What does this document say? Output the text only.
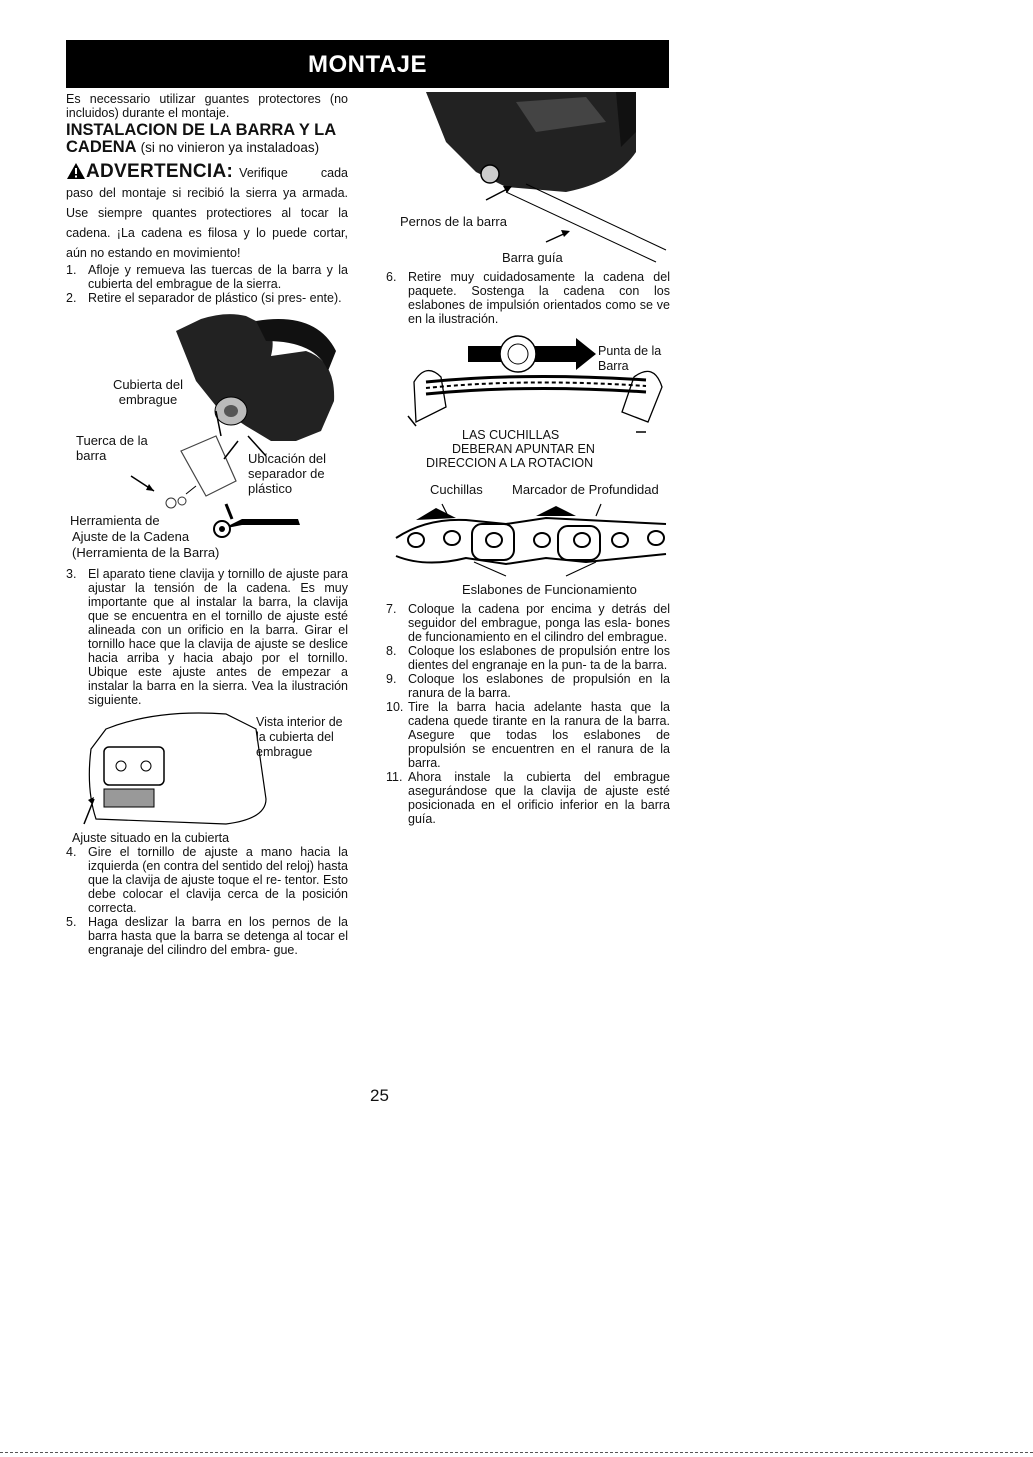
MONTAJE

Es necessario utilizar guantes protectores (no incluidos) durante el montaje.

INSTALACION DE LA BARRA Y LA CADENA (si no vinieron ya instaladoas)

ADVERTENCIA: Verifique cada paso del montaje si recibió la sierra ya armada. Use siempre quantes protectiores al tocar la cadena. ¡La cadena es filosa y lo puede cortar, aún no estando en movimiento!

1. Afloje y remueva las tuercas de la barra y la cubierta del embrague de la sierra.
2. Retire el separador de plástico (si pres- ente).
Cubierta del embrague
Tuerca de la barra	Ubicación del separador de plástico
Herramienta de
Ajuste de la Cadena
(Herramienta de la Barra)
3. El aparato tiene clavija y tornillo de ajuste para ajustar la tensión de la cadena. Es muy importante que al instalar la barra, la clavija que se encuentra en el tornillo de ajuste esté alineada con un orificio en la barra. Girar el tornillo hace que la clavija de ajuste se deslice hacia arriba y hacia abajo por el tornillo. Ubique este ajuste antes de empezar a instalar la barra en la sierra. Vea la ilustración siguiente.
Vista interior de la cubierta del embrague

Ajuste situado en la cubierta

4. Gire el tornillo de ajuste a mano hacia la izquierda (en contra del sentido del reloj) hasta que la clavija de ajuste toque el re- tentor. Esto debe colocar el clavija cerca de la posición correcta.
5. Haga deslizar la barra en los pernos de la barra hasta que la barra se detenga al tocar el engranaje del cilindro del embra- gue.
Pernos de la barra
Barra guía
6. Retire muy cuidadosamente la cadena del paquete. Sostenga la cadena con los eslabones de impulsión orientados como se ve en la ilustración.
Punta de la Barra
LAS CUCHILLAS
DEBERAN APUNTAR EN
DIRECCION A LA ROTACION
Cuchillas Marcador de Profundidad
Eslabones de Funcionamiento
7. Coloque la cadena por encima y detrás del seguidor del embrague, ponga las esla- bones de funcionamiento en el cilindro del embrague.
8. Coloque los eslabones de propulsión entre los dientes del engranaje en la pun- ta de la barra.
9. Coloque los eslabones de propulsión en la ranura de la barra.
10. Tire la barra hacia adelante hasta que la cadena quede tirante en la ranura de la barra. Asegure que todas los eslabones de propulsión se encuentren en el ranura de la barra.
11. Ahora instale la cubierta del embrague asegurándose que la clavija de ajuste esté posicionada en el orificio inferior en la barra guía.
25
